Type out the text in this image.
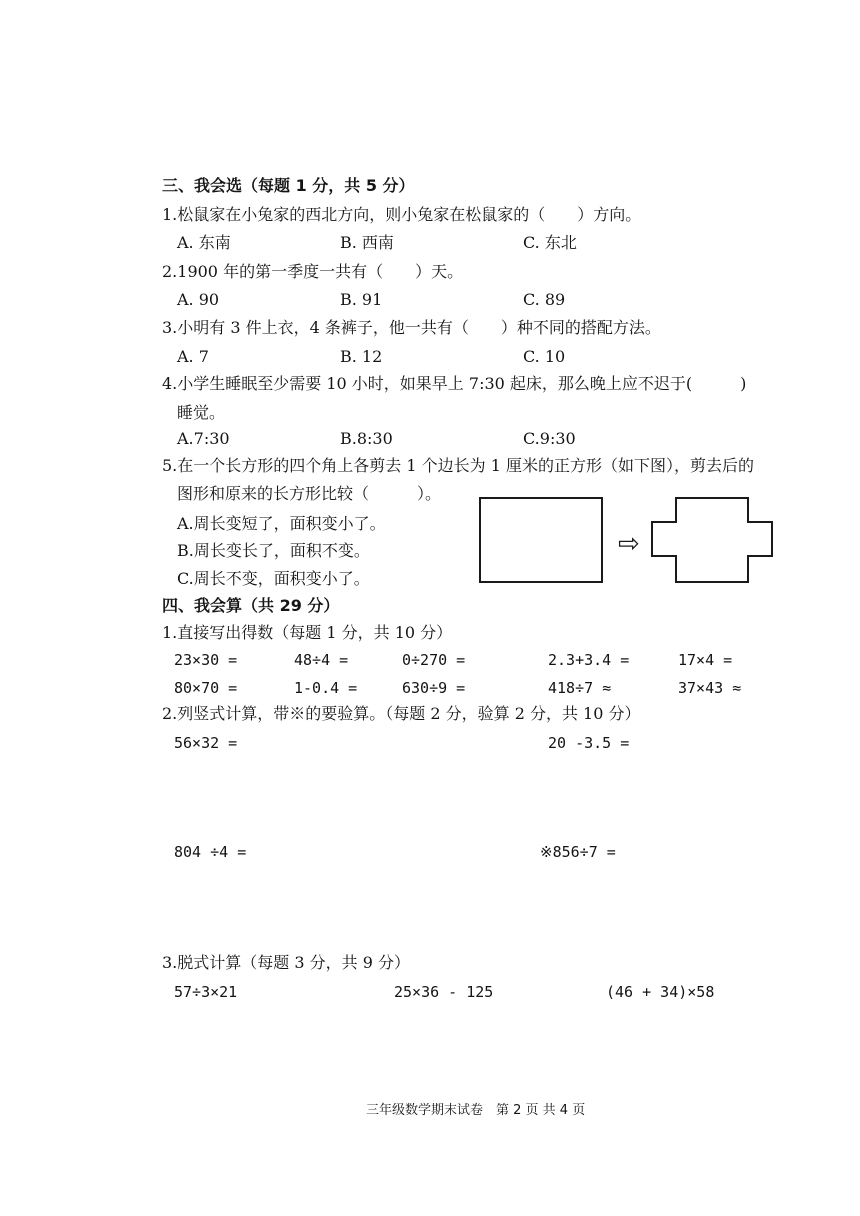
三、我会选（每题 1 分，共 5 分）
1.松鼠家在小兔家的西北方向，则小兔家在松鼠家的（　　）方向。
A. 东南	B. 西南	C. 东北
2.1900 年的第一季度一共有（　　）天。
A. 90	B. 91	C. 89
3.小明有 3 件上衣，4 条裤子，他一共有（　　）种不同的搭配方法。
A. 7	B. 12	C. 10
4.小学生睡眠至少需要 10 小时，如果早上 7:30 起床，那么晚上应不迟于(　　　)
睡觉。
A.7:30	B.8:30	C.9:30
5.在一个长方形的四个角上各剪去 1 个边长为 1 厘米的正方形（如下图），剪去后的
图形和原来的长方形比较（　　　）。
A.周长变短了，面积变小了。
B.周长变长了，面积不变。
C.周长不变，面积变小了。
⇨
四、我会算（共 29 分）
1.直接写出得数（每题 1 分，共 10 分）
23×30 =	48÷4 =	0÷270 =	2.3+3.4 =	17×4 =
80×70 =	1-0.4 =	630÷9 =	418÷7 ≈	37×43 ≈
2.列竖式计算，带※的要验算。（每题 2 分，验算 2 分，共 10 分）
56×32 =	20 -3.5 =
804 ÷4 =	※856÷7 =
3.脱式计算（每题 3 分，共 9 分）
57÷3×21	25×36 - 125	(46 + 34)×58
三年级数学期末试卷　第 2 页 共 4 页
